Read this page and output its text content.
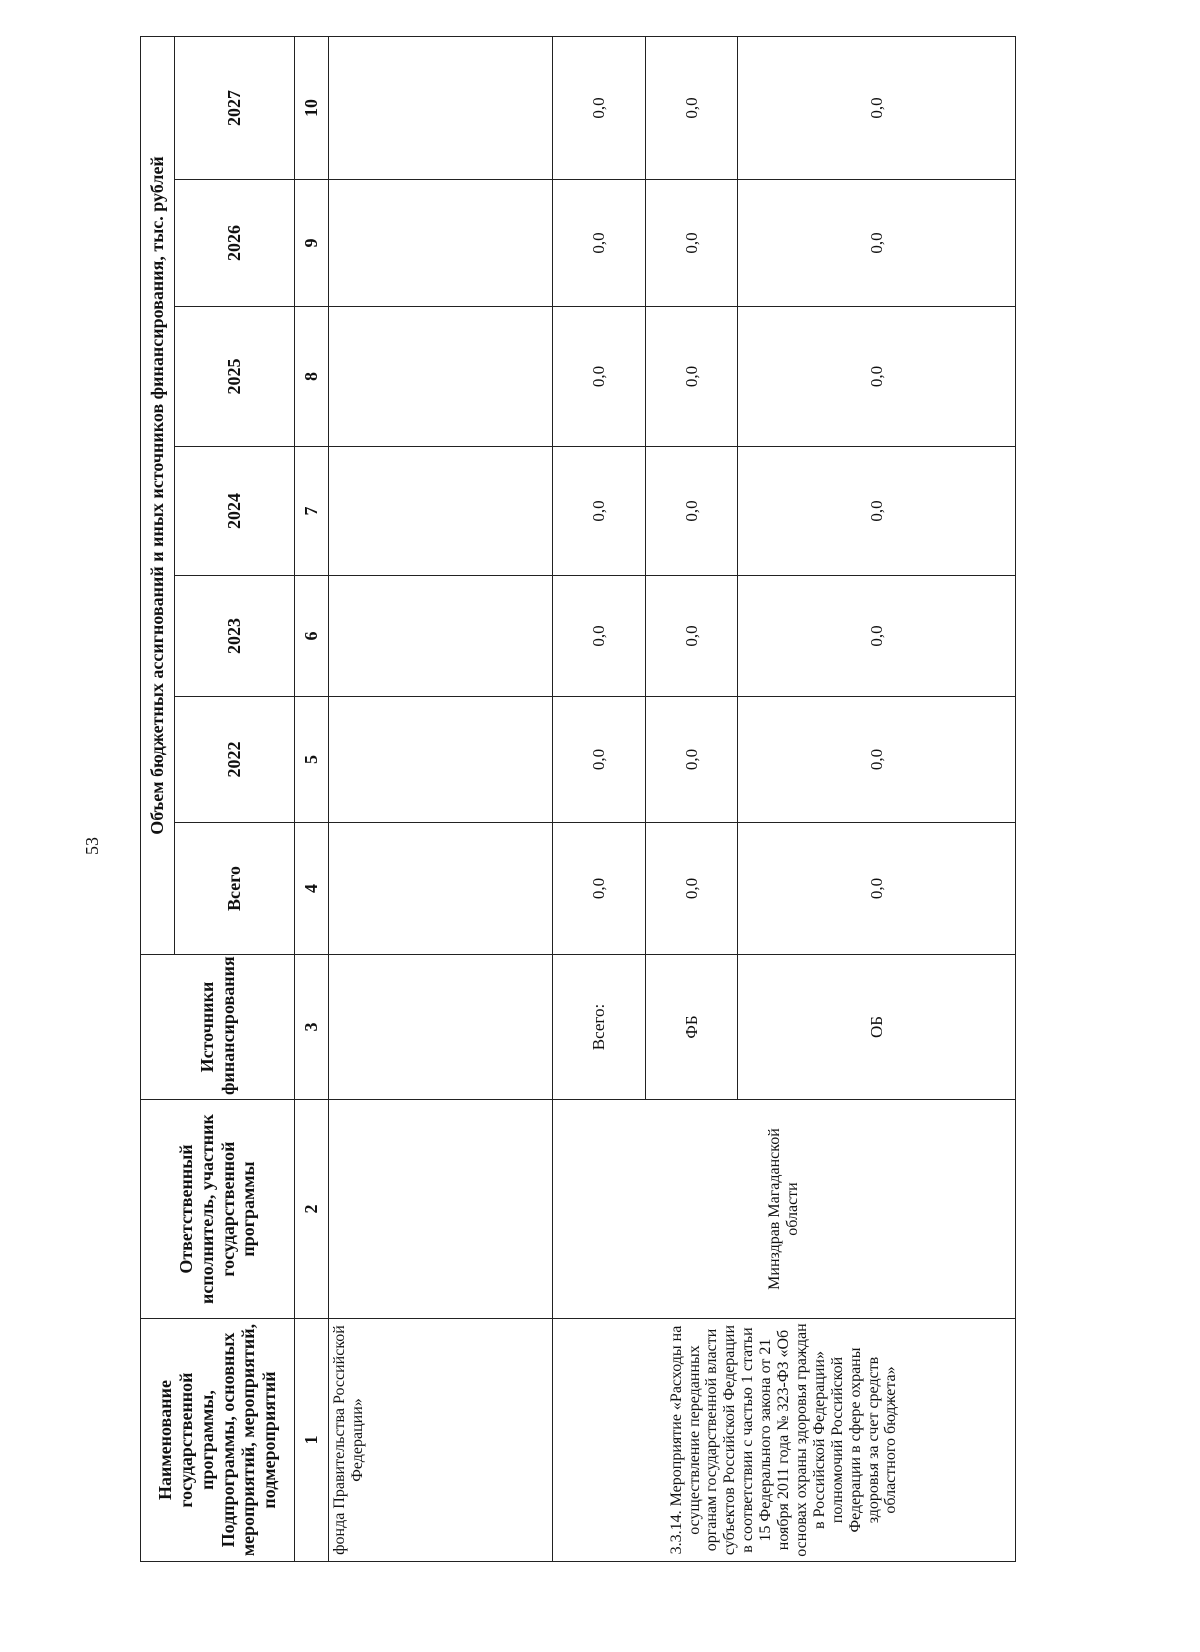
53
Наименование государственной программы, Подпрограммы, основных мероприятий, мероприятий, подмероприятий	Ответственный исполнитель, участник государственной программы	Источники финансирования	Объем бюджетных ассигнований и иных источников финансирования, тыс. рублей						
			Всего	2022	2023	2024	2025	2026	2027
1	2	3	4	5	6	7	8	9	10
фонда Правительства Российской Федерации»									
3.3.14. Мероприятие «Расходы на осуществление переданных органам государственной власти субъектов Российской Федерации в соответствии с частью 1 статьи 15 Федерального закона от 21 ноября 2011 года № 323-ФЗ «Об основах охраны здоровья граждан в Российской Федерации» полномочий Российской Федерации в сфере охраны здоровья за счет средств областного бюджета»	Минздрав Магаданской области	Всего:	0,0	0,0	0,0	0,0	0,0	0,0	0,0
		ФБ	0,0	0,0	0,0	0,0	0,0	0,0	0,0
		ОБ	0,0	0,0	0,0	0,0	0,0	0,0	0,0
